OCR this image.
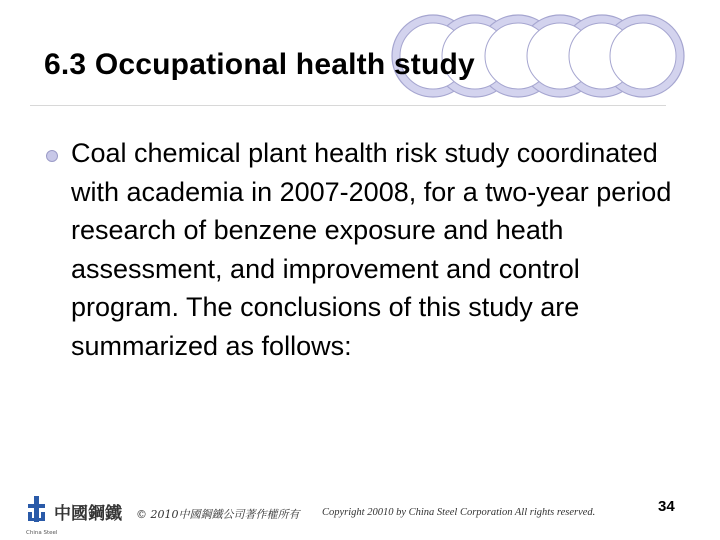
6.3 Occupational health study

Coal chemical plant health risk study coordinated with academia in 2007-2008, for a two-year period research of benzene exposure and heath assessment, and improvement and control program. The conclusions of this study are summarized as follows:

中國鋼鐵
China Steel
© 2010中國鋼鐵公司著作權所有 Copyright 20010 by China Steel Corporation All rights reserved.	34
